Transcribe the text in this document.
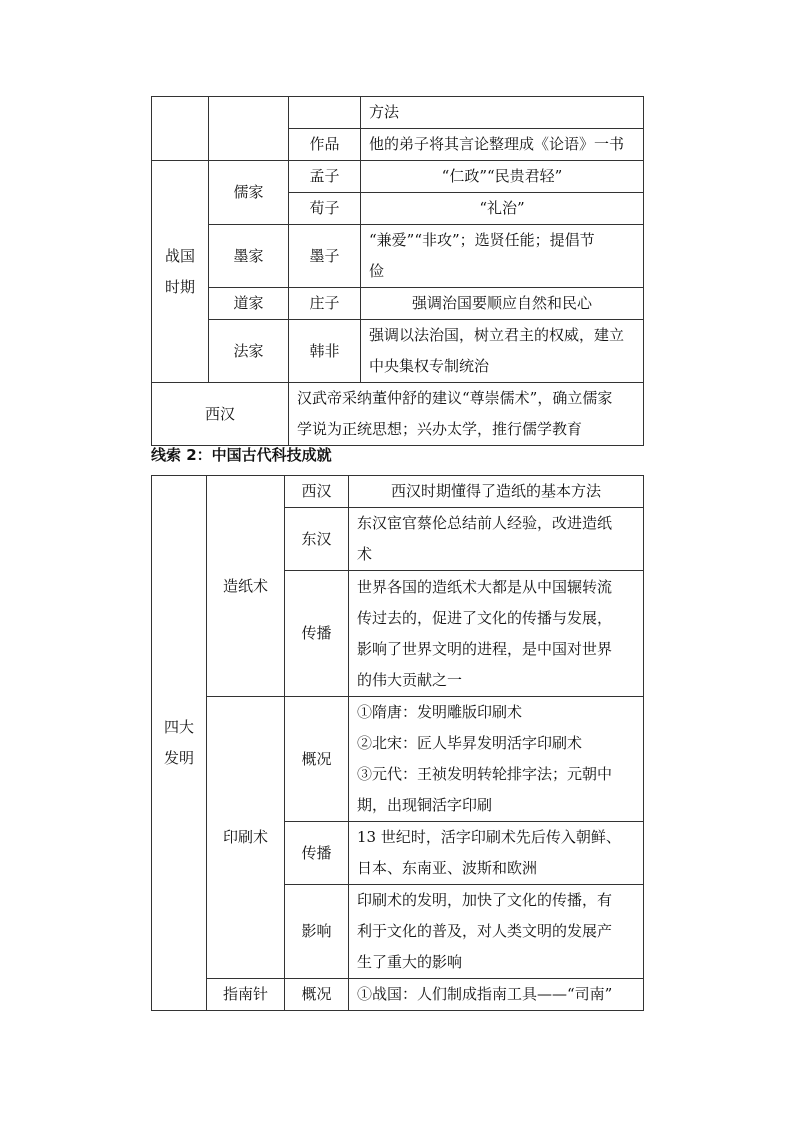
			方法
		作品	他的弟子将其言论整理成《论语》一书

战国
时期	儒家	孟子	“仁政”“民贵君轻”
		荀子	“礼治”
	墨家	墨子	“兼爱”“非攻”；选贤任能；提倡节
俭

	道家	庄子	强调治国要顺应自然和民心
	法家	韩非	强调以法治国，树立君主的权威，建立
中央集权专制统治

西汉		汉武帝采纳董仲舒的建议“尊崇儒术”，确立儒家
学说为正统思想；兴办太学，推行儒学教育	
线索 2：中国古代科技成就
四大
发明	造纸术	西汉	西汉时期懂得了造纸的基本方法
		东汉	东汉宦官蔡伦总结前人经验，改进造纸
术

		传播	世界各国的造纸术大都是从中国辗转流
传过去的，促进了文化的传播与发展，
影响了世界文明的进程，是中国对世界
的伟大贡献之一

	印刷术	概况	①隋唐：发明雕版印刷术
②北宋：匠人毕昇发明活字印刷术
③元代：王祯发明转轮排字法；元朝中
期，出现铜活字印刷

		传播	13 世纪时，活字印刷术先后传入朝鲜、
日本、东南亚、波斯和欧洲

		影响	印刷术的发明，加快了文化的传播，有
利于文化的普及，对人类文明的发展产
生了重大的影响

	指南针	概况	①战国：人们制成指南工具——“司南”
